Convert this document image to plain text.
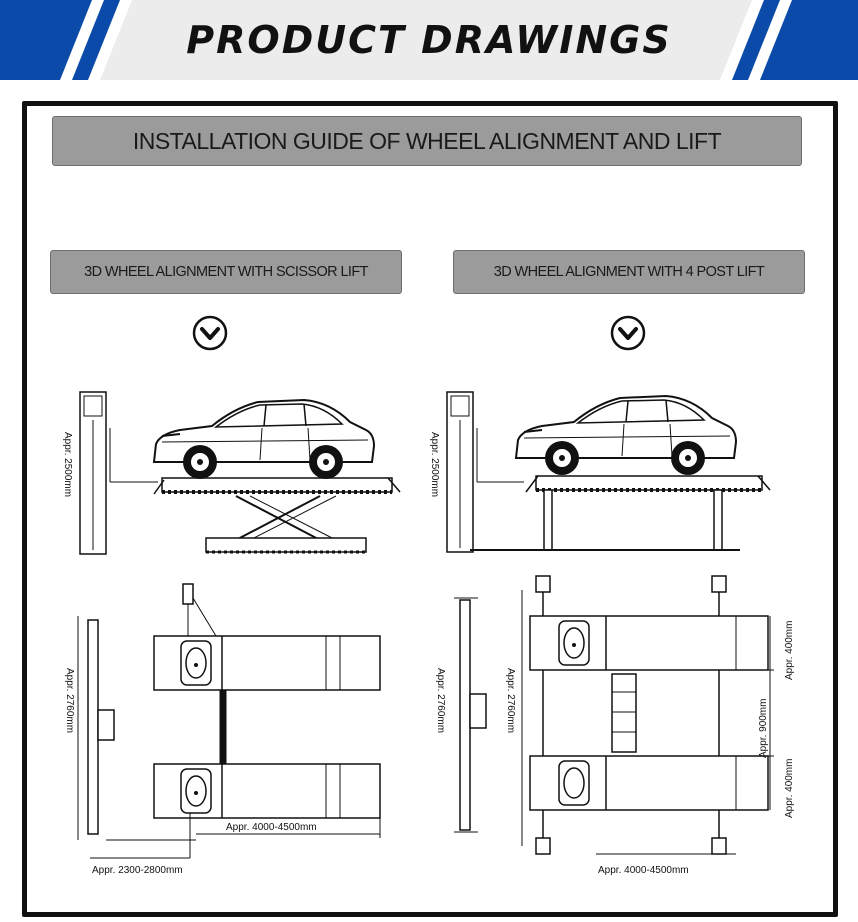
PRODUCT DRAWINGS
INSTALLATION GUIDE OF WHEEL ALIGNMENT AND LIFT
3D WHEEL ALIGNMENT WITH SCISSOR LIFT	3D WHEEL ALIGNMENT WITH 4 POST LIFT
Appr. 2500mm
Appr. 2760mm
Appr. 4000-4500mm
Appr. 2300-2800mm
Appr. 2500mm
Appr. 2760mm	Appr. 2760mm
Appr. 400mm
Appr. 900mm
Appr. 400mm
Appr. 4000-4500mm
